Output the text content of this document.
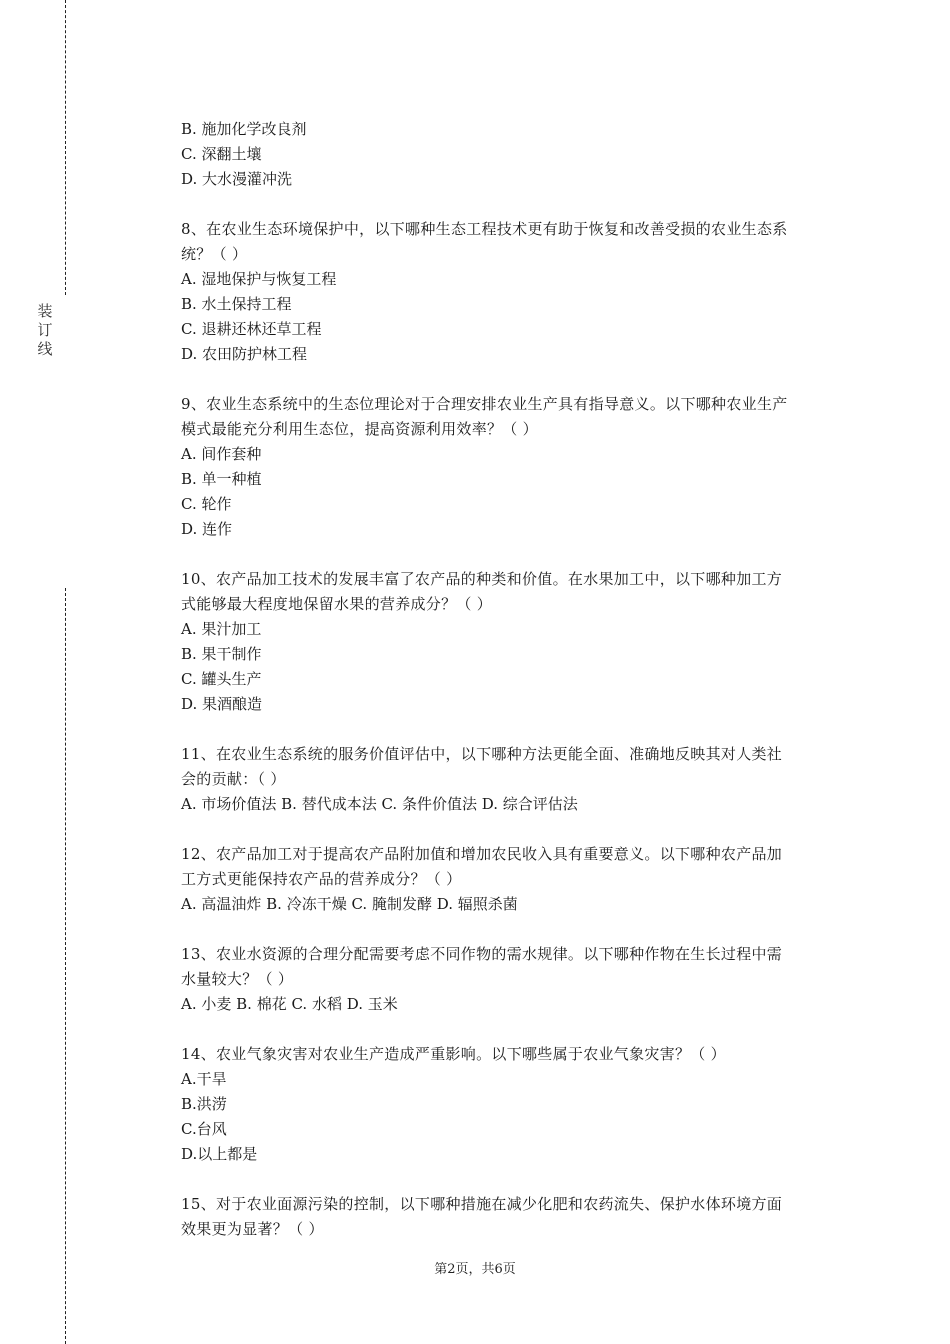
装
订
线
B. 施加化学改良剂
C. 深翻土壤
D. 大水漫灌冲洗
8、在农业生态环境保护中，以下哪种生态工程技术更有助于恢复和改善受损的农业生态系
统？（ ）
A. 湿地保护与恢复工程
B. 水土保持工程
C. 退耕还林还草工程
D. 农田防护林工程
9、农业生态系统中的生态位理论对于合理安排农业生产具有指导意义。以下哪种农业生产
模式最能充分利用生态位，提高资源利用效率？（ ）
A. 间作套种
B. 单一种植
C. 轮作
D. 连作
10、农产品加工技术的发展丰富了农产品的种类和价值。在水果加工中，以下哪种加工方
式能够最大程度地保留水果的营养成分？（ ）
A. 果汁加工
B. 果干制作
C. 罐头生产
D. 果酒酿造
11、在农业生态系统的服务价值评估中，以下哪种方法更能全面、准确地反映其对人类社
会的贡献：（ ）
A. 市场价值法 B. 替代成本法 C. 条件价值法 D. 综合评估法
12、农产品加工对于提高农产品附加值和增加农民收入具有重要意义。以下哪种农产品加
工方式更能保持农产品的营养成分？（ ）
A. 高温油炸 B. 冷冻干燥 C. 腌制发酵 D. 辐照杀菌
13、农业水资源的合理分配需要考虑不同作物的需水规律。以下哪种作物在生长过程中需
水量较大？（ ）
A. 小麦 B. 棉花 C. 水稻 D. 玉米
14、农业气象灾害对农业生产造成严重影响。以下哪些属于农业气象灾害？（ ）
A.干旱
B.洪涝
C.台风
D.以上都是
15、对于农业面源污染的控制，以下哪种措施在减少化肥和农药流失、保护水体环境方面
效果更为显著？（ ）
第2页，共6页
